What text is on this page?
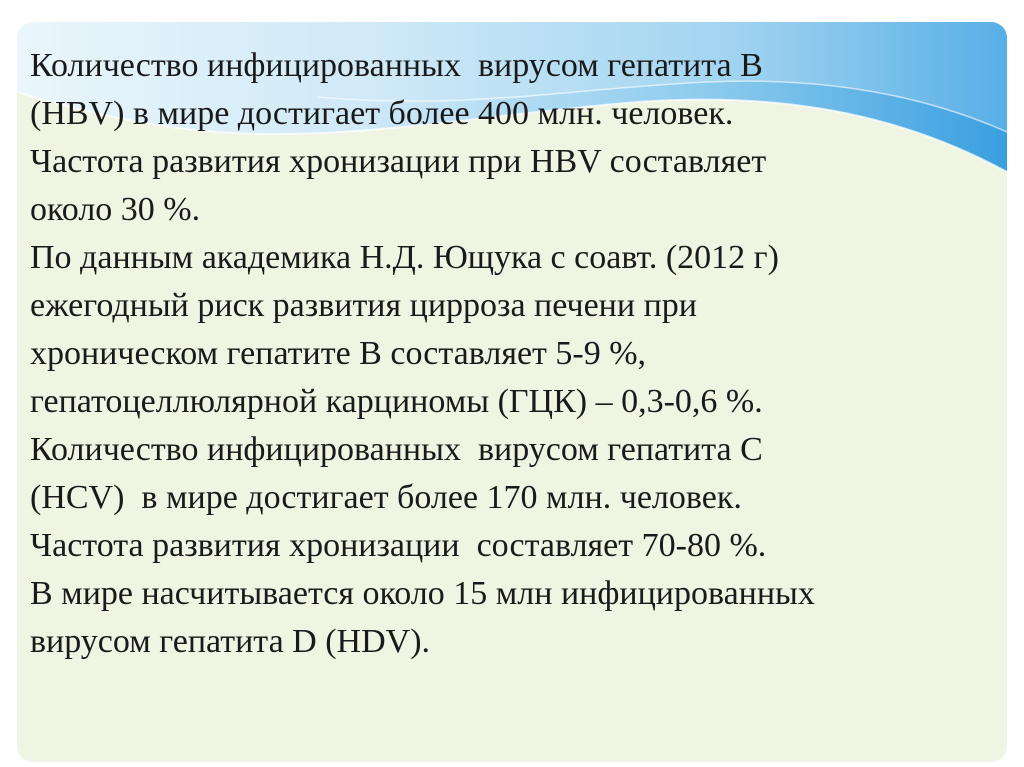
Количество инфицированных  вирусом гепатита В

(HBV) в мире достигает более 400 млн. человек.

Частота развития хронизации при HBV составляет

около 30 %.

По данным академика Н.Д. Ющука с соавт. (2012 г)

ежегодный риск развития цирроза печени при

хроническом гепатите В составляет 5-9 %,

гепатоцеллюлярной карциномы (ГЦК) – 0,3-0,6 %.

Количество инфицированных  вирусом гепатита С

(HCV)  в мире достигает более 170 млн. человек.

Частота развития хронизации  составляет 70-80 %.

В мире насчитывается около 15 млн инфицированных

вирусом гепатита D (HDV).
